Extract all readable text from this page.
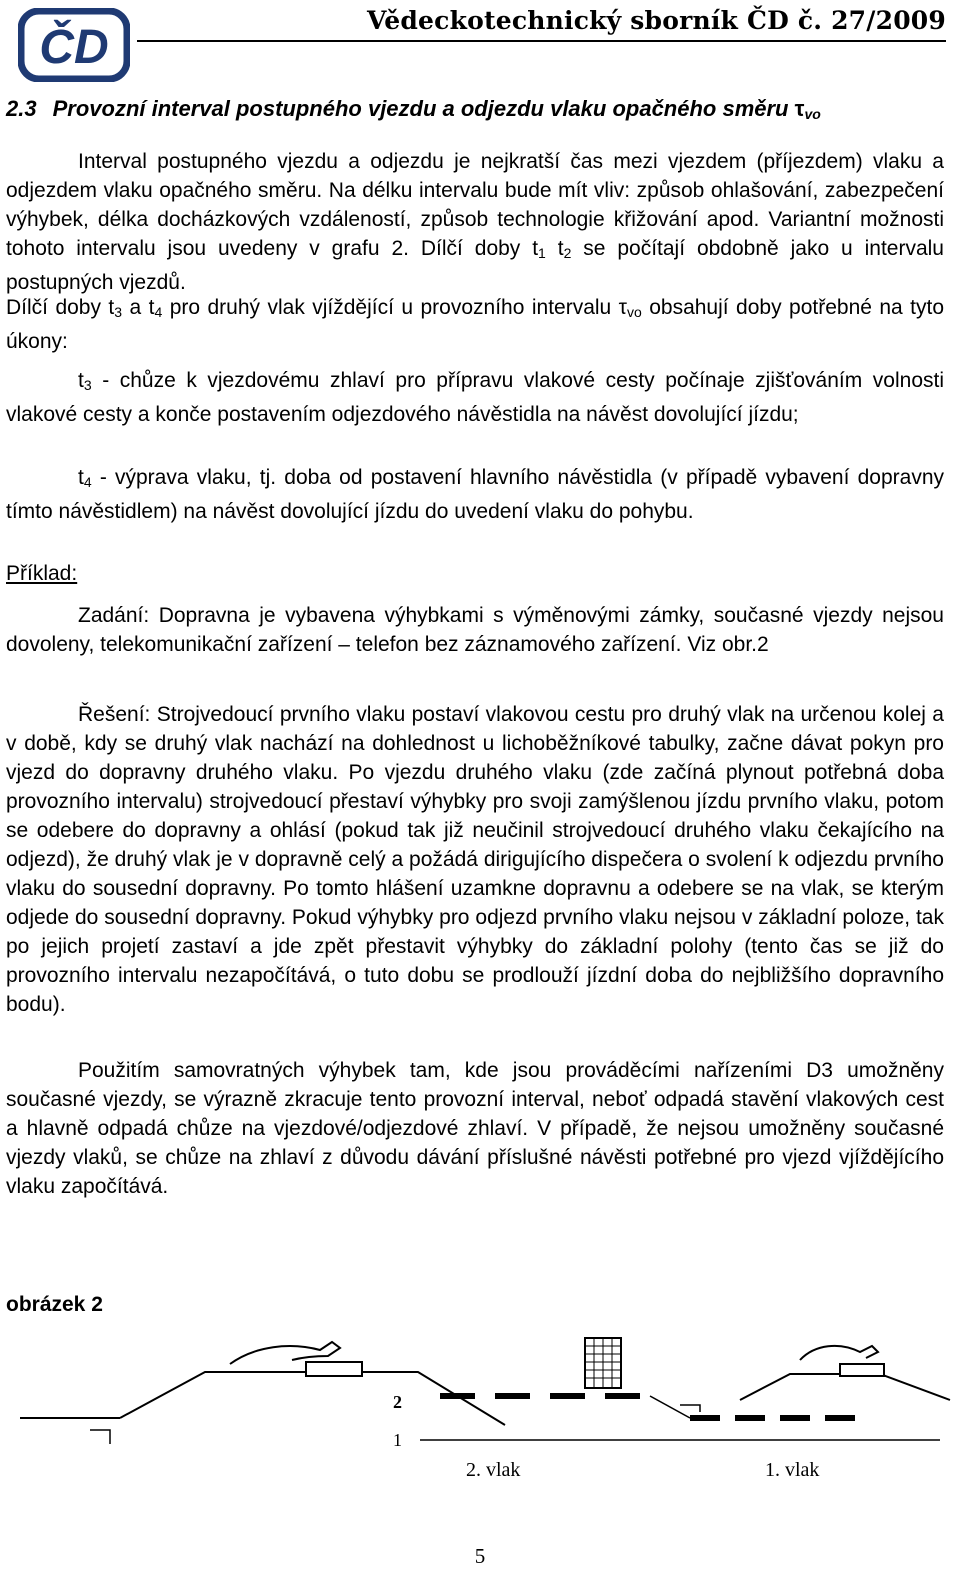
ČD
Vědeckotechnický sborník ČD č. 27/2009
2.3 Provozní interval postupného vjezdu a odjezdu vlaku opačného směru $\tau_{vo}$
Interval postupného vjezdu a odjezdu je nejkratší čas mezi vjezdem (příjezdem) vlaku a odjezdem vlaku opačného směru. Na délku intervalu bude mít vliv: způsob ohlašování, zabezpečení výhybek, délka docházkových vzdáleností, způsob technologie křižování apod. Variantní možnosti tohoto intervalu jsou uvedeny v grafu 2. Dílčí doby $t_1$ $t_2$ se počítají obdobně jako u intervalu postupných vjezdů.
Dílčí doby $t_3$ a $t_4$ pro druhý vlak vjíždějící u provozního intervalu $\tau_{vo}$ obsahují doby potřebné na tyto úkony:
$t_3$ - chůze k vjezdovému zhlaví pro přípravu vlakové cesty počínaje zjišťováním volnosti vlakové cesty a konče postavením odjezdového návěstidla na návěst dovolující jízdu;
$t_4$ - výprava vlaku, tj. doba od postavení hlavního návěstidla (v případě vybavení dopravny tímto návěstidlem) na návěst dovolující jízdu do uvedení vlaku do pohybu.
Příklad:
Zadání: Dopravna je vybavena výhybkami s výměnovými zámky, současné vjezdy nejsou dovoleny, telekomunikační zařízení – telefon bez záznamového zařízení. Viz obr.2
Řešení: Strojvedoucí prvního vlaku postaví vlakovou cestu pro druhý vlak na určenou kolej a v době, kdy se druhý vlak nachází na dohlednost u lichoběžníkové tabulky, začne dávat pokyn pro vjezd do dopravny druhého vlaku. Po vjezdu druhého vlaku (zde začíná plynout potřebná doba provozního intervalu) strojvedoucí přestaví výhybky pro svoji zamýšlenou jízdu prvního vlaku, potom se odebere do dopravny a ohlásí (pokud tak již neučinil strojvedoucí druhého vlaku čekajícího na odjezd), že druhý vlak je v dopravně celý a požádá dirigujícího dispečera o svolení k odjezdu prvního vlaku do sousední dopravny. Po tomto hlášení uzamkne dopravnu a odebere se na vlak, se kterým odjede do sousední dopravny. Pokud výhybky pro odjezd prvního vlaku nejsou v základní poloze, tak po jejich projetí zastaví a jde zpět přestavit výhybky do základní polohy (tento čas se již do provozního intervalu nezapočítává, o tuto dobu se prodlouží jízdní doba do nejbližšího dopravního bodu).
Použitím samovratných výhybek tam, kde jsou prováděcími nařízeními D3 umožněny současné vjezdy, se výrazně zkracuje tento provozní interval, neboť odpadá stavění vlakových cest a hlavně odpadá chůze na vjezdové/odjezdové zhlaví. V případě, že nejsou umožněny současné vjezdy vlaků, se chůze na zhlaví z důvodu dávání příslušné návěsti potřebné pro vjezd vjíždějícího vlaku započítává.
obrázek 2
2
1
2. vlak	1. vlak
5
